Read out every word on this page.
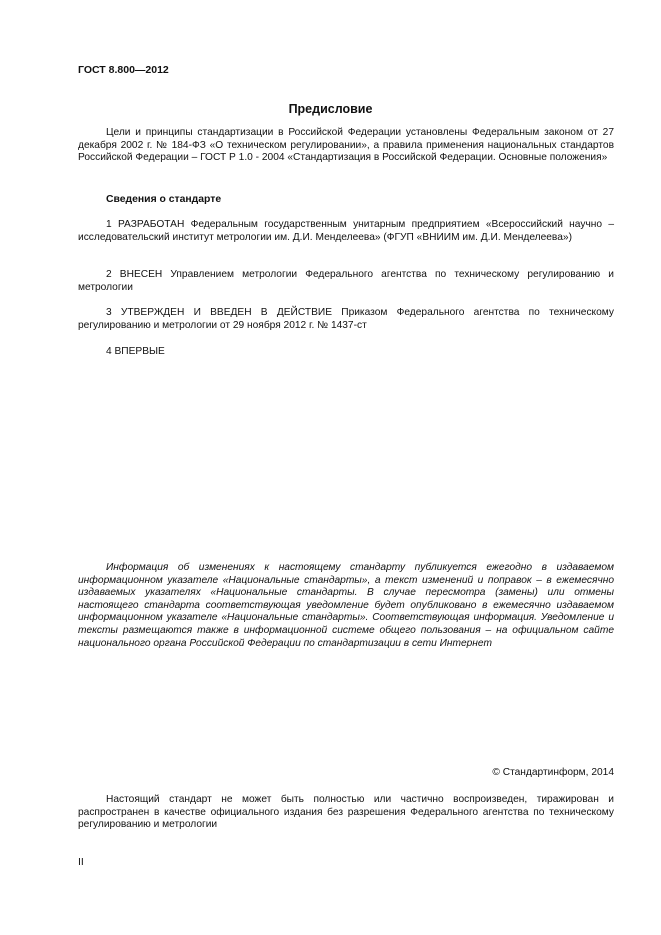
ГОСТ 8.800—2012
Предисловие
Цели и принципы стандартизации в Российской Федерации установлены Федеральным законом от 27 декабря 2002 г. № 184-ФЗ «О техническом регулировании», а правила применения национальных стандартов Российской Федерации – ГОСТ Р 1.0 - 2004 «Стандартизация в Российской Федерации. Основные положения»
Сведения о стандарте
1 РАЗРАБОТАН Федеральным государственным унитарным предприятием «Всероссийский научно – исследовательский институт метрологии им. Д.И. Менделеева» (ФГУП «ВНИИМ им. Д.И. Менделеева»)
2 ВНЕСЕН Управлением метрологии Федерального агентства по техническому регулированию и метрологии
3 УТВЕРЖДЕН И ВВЕДЕН В ДЕЙСТВИЕ Приказом Федерального агентства по техническому регулированию и метрологии от 29 ноября 2012 г. № 1437-ст
4 ВПЕРВЫЕ
Информация об изменениях к настоящему стандарту публикуется ежегодно в издаваемом информационном указателе «Национальные стандарты», а текст изменений и поправок – в ежемесячно издаваемых указателях «Национальные стандарты. В случае пересмотра (замены) или отмены настоящего стандарта соответствующая уведомление будет опубликовано в ежемесячно издаваемом информационном указателе «Национальные стандарты». Соответствующая информация. Уведомление и тексты размещаются также в информационной системе общего пользования – на официальном сайте национального органа Российской Федерации по стандартизации в сети Интернет
© Стандартинформ, 2014
Настоящий стандарт не может быть полностью или частично воспроизведен, тиражирован и распространен в качестве официального издания без разрешения Федерального агентства по техническому регулированию и метрологии
II
